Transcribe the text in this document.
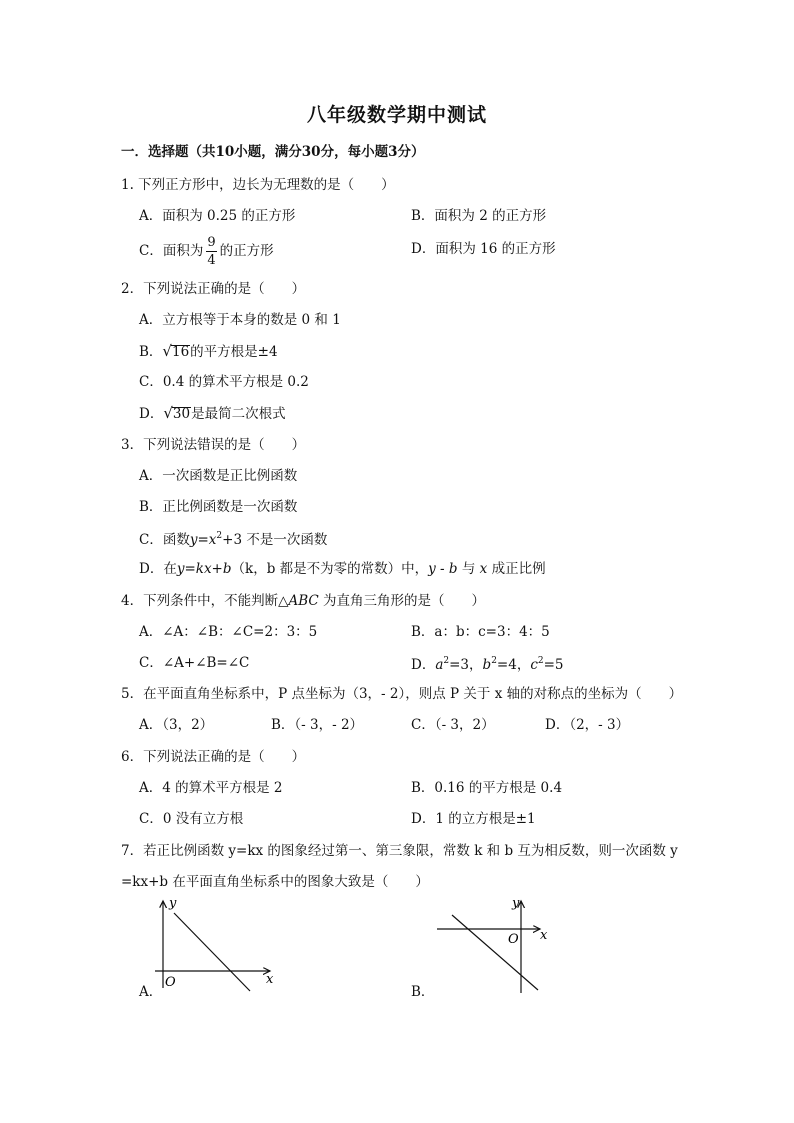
八年级数学期中测试
一．选择题（共10小题，满分30分，每小题3分）
1. 下列正方形中，边长为无理数的是（　　）
A．面积为 0.25 的正方形	B．面积为 2 的正方形
C．面积为 $\frac{9}{4}$ 的正方形	D．面积为 16 的正方形
2．下列说法正确的是（　　）
A．立方根等于本身的数是 0 和 1
B．√16的平方根是±4
C．0.4 的算术平方根是 0.2
D．√30是最简二次根式
3．下列说法错误的是（　　）
A．一次函数是正比例函数
B．正比例函数是一次函数
C．函数$y=x^2+3$ 不是一次函数
D．在y=kx+b（k，b 都是不为零的常数）中，y - b 与 x 成正比例
4．下列条件中，不能判断△ABC 为直角三角形的是（　　）
A．∠A：∠B：∠C=2：3：5	B．a：b：c=3：4：5
C．∠A+∠B=∠C	D．$a^2=3$，$b^2=4$，$c^2=5$
5．在平面直角坐标系中，P 点坐标为（3，- 2），则点 P 关于 x 轴的对称点的坐标为（　　）
A．（3，2）	B．（- 3，- 2）	C．（- 3，2）	D．（2，- 3）
6．下列说法正确的是（　　）
A．4 的算术平方根是 2	B．0.16 的平方根是 0.4
C．0 没有立方根	D．1 的立方根是±1
7．若正比例函数 y=kx 的图象经过第一、第三象限，常数 k 和 b 互为相反数，则一次函数 y
=kx+b 在平面直角坐标系中的图象大致是（　　）
A．
y
x
O
B．
y
x
O
